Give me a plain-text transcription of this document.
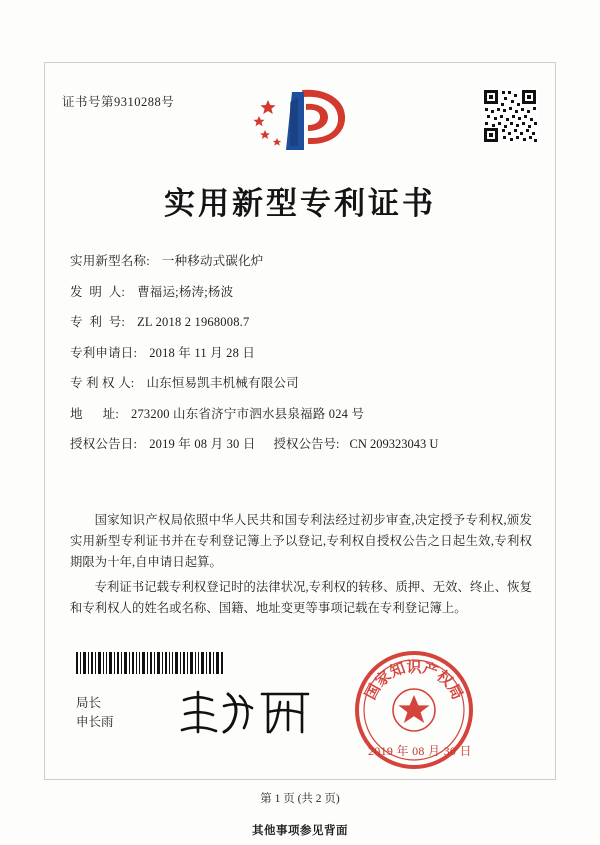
证书号第9310288号
实用新型专利证书
实用新型名称: 一种移动式碳化炉
发  明  人: 曹福运;杨涛;杨波
专  利  号: ZL 2018 2 1968008.7
专利申请日: 2018 年 11 月 28 日
专 利 权 人: 山东恒易凯丰机械有限公司
地      址: 273200 山东省济宁市泗水县泉福路 024 号
授权公告日: 2019 年 08 月 30 日	授权公告号: CN 209323043 U

国家知识产权局依照中华人民共和国专利法经过初步审查,决定授予专利权,颁发实用新型专利证书并在专利登记簿上予以登记,专利权自授权公告之日起生效,专利权期限为十年,自申请日起算。

专利证书记载专利权登记时的法律状况,专利权的转移、质押、无效、终止、恢复和专利权人的姓名或名称、国籍、地址变更等事项记载在专利登记簿上。

局长
申长雨
国家知识产权局
2019 年 08 月 30 日
第 1 页 (共 2 页)
其他事项参见背面
